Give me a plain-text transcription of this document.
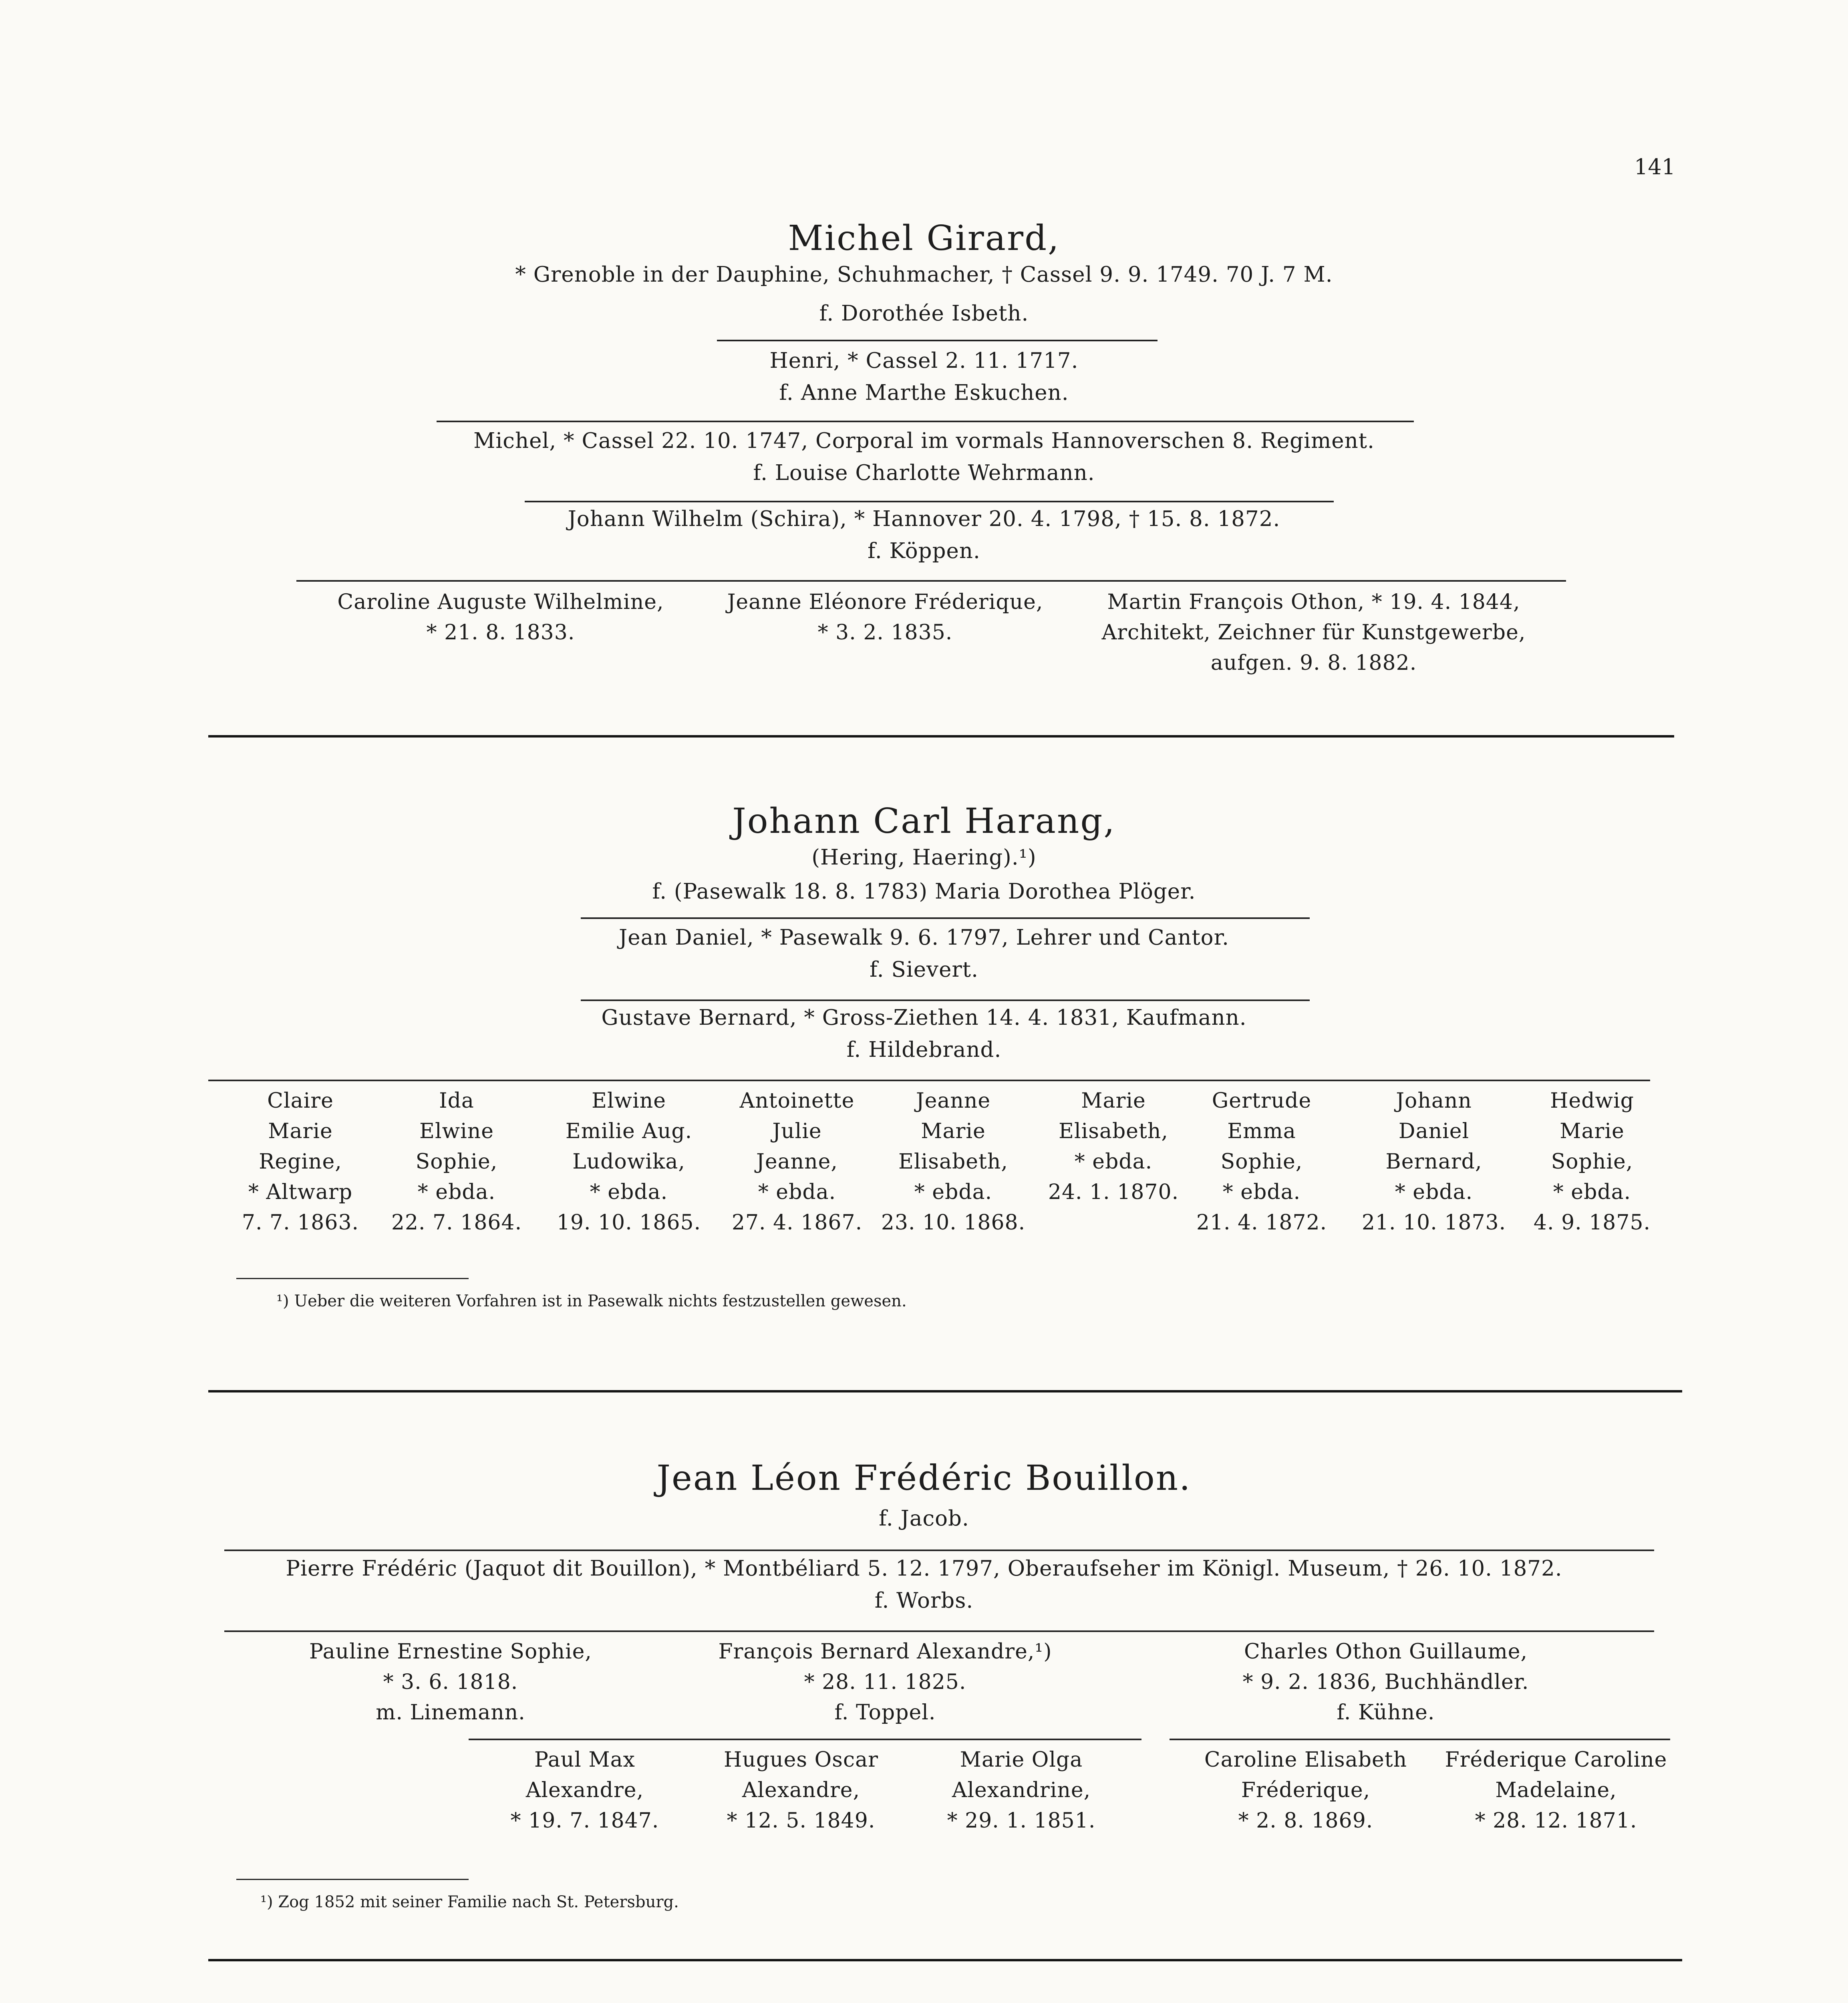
141
Michel Girard,
* Grenoble in der Dauphine, Schuhmacher, † Cassel 9. 9. 1749. 70 J. 7 M.
f. Dorothée Isbeth.
Henri, * Cassel 2. 11. 1717.
f. Anne Marthe Eskuchen.
Michel, * Cassel 22. 10. 1747, Corporal im vormals Hannoverschen 8. Regiment.
f. Louise Charlotte Wehrmann.
Johann Wilhelm (Schira), * Hannover 20. 4. 1798, † 15. 8. 1872.
f. Köppen.
Caroline Auguste Wilhelmine,
* 21. 8. 1833.
Jeanne Eléonore Fréderique,
* 3. 2. 1835.
Martin François Othon, * 19. 4. 1844,
Architekt, Zeichner für Kunstgewerbe,
aufgen. 9. 8. 1882.
Johann Carl Harang,
(Hering, Haering).¹)
f. (Pasewalk 18. 8. 1783) Maria Dorothea Plöger.
Jean Daniel, * Pasewalk 9. 6. 1797, Lehrer und Cantor.
f. Sievert.
Gustave Bernard, * Gross-Ziethen 14. 4. 1831, Kaufmann.
f. Hildebrand.
Claire
Marie
Regine,
* Altwarp
7. 7. 1863.
Ida
Elwine
Sophie,
* ebda.
22. 7. 1864.
Elwine
Emilie Aug.
Ludowika,
* ebda.
19. 10. 1865.
Antoinette
Julie
Jeanne,
* ebda.
27. 4. 1867.
Jeanne
Marie
Elisabeth,
* ebda.
23. 10. 1868.
Marie
Elisabeth,
* ebda.
24. 1. 1870.
Gertrude
Emma
Sophie,
* ebda.
21. 4. 1872.
Johann
Daniel
Bernard,
* ebda.
21. 10. 1873.
Hedwig
Marie
Sophie,
* ebda.
4. 9. 1875.
¹) Ueber die weiteren Vorfahren ist in Pasewalk nichts festzustellen gewesen.
Jean Léon Frédéric Bouillon.
f. Jacob.
Pierre Frédéric (Jaquot dit Bouillon), * Montbéliard 5. 12. 1797, Oberaufseher im Königl. Museum, † 26. 10. 1872.
f. Worbs.
Pauline Ernestine Sophie,
* 3. 6. 1818.
m. Linemann.
François Bernard Alexandre,¹)
* 28. 11. 1825.
f. Toppel.
Charles Othon Guillaume,
* 9. 2. 1836, Buchhändler.
f. Kühne.
Paul Max
Alexandre,
* 19. 7. 1847.
Hugues Oscar
Alexandre,
* 12. 5. 1849.
Marie Olga
Alexandrine,
* 29. 1. 1851.
Caroline Elisabeth
Fréderique,
* 2. 8. 1869.
Fréderique Caroline
Madelaine,
* 28. 12. 1871.
¹) Zog 1852 mit seiner Familie nach St. Petersburg.
